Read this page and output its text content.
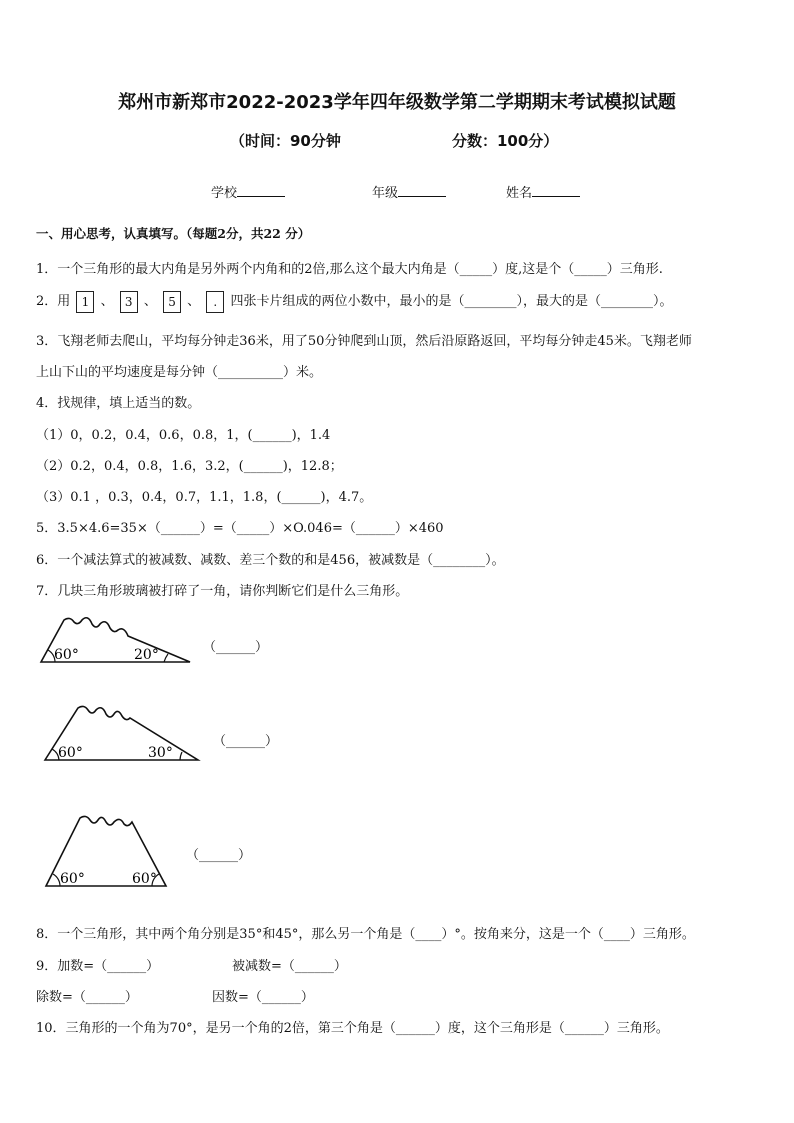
郑州市新郑市2022-2023学年四年级数学第二学期期末考试模拟试题
（时间：90分钟	分数：100分）
学校	年级	姓名
一、用心思考，认真填写。（每题2分，共22 分）
1．一个三角形的最大内角是另外两个内角和的2倍,那么这个最大内角是（_____）度,这是个（_____）三角形.
2．用 1 、 3 、 5 、 . 四张卡片组成的两位小数中，最小的是（________），最大的是（________）。
3．飞翔老师去爬山，平均每分钟走36米，用了50分钟爬到山顶，然后沿原路返回，平均每分钟走45米。飞翔老师
上山下山的平均速度是每分钟（__________）米。
4．找规律，填上适当的数。
（1）0，0.2，0.4，0.6，0.8，1，(______)，1.4
（2）0.2，0.4，0.8，1.6，3.2，(______)，12.8；
（3）0.1 ，0.3，0.4，0.7，1.1，1.8，(______)，4.7。
5．3.5×4.6=35×（______）=（_____）×O.046=（______）×460
6．一个减法算式的被减数、减数、差三个数的和是456，被减数是（________）。
7．几块三角形玻璃被打碎了一角，请你判断它们是什么三角形。
60°	20°	（______）
60°	30°
（______）
60°	60°
（______）
8．一个三角形，其中两个角分别是35°和45°，那么另一个角是（____）°。按角来分，这是一个（____）三角形。
9．加数=（______）	被减数=（______）
除数=（______）	因数=（______）
10．三角形的一个角为70°，是另一个角的2倍，第三个角是（______）度，这个三角形是（______）三角形。
